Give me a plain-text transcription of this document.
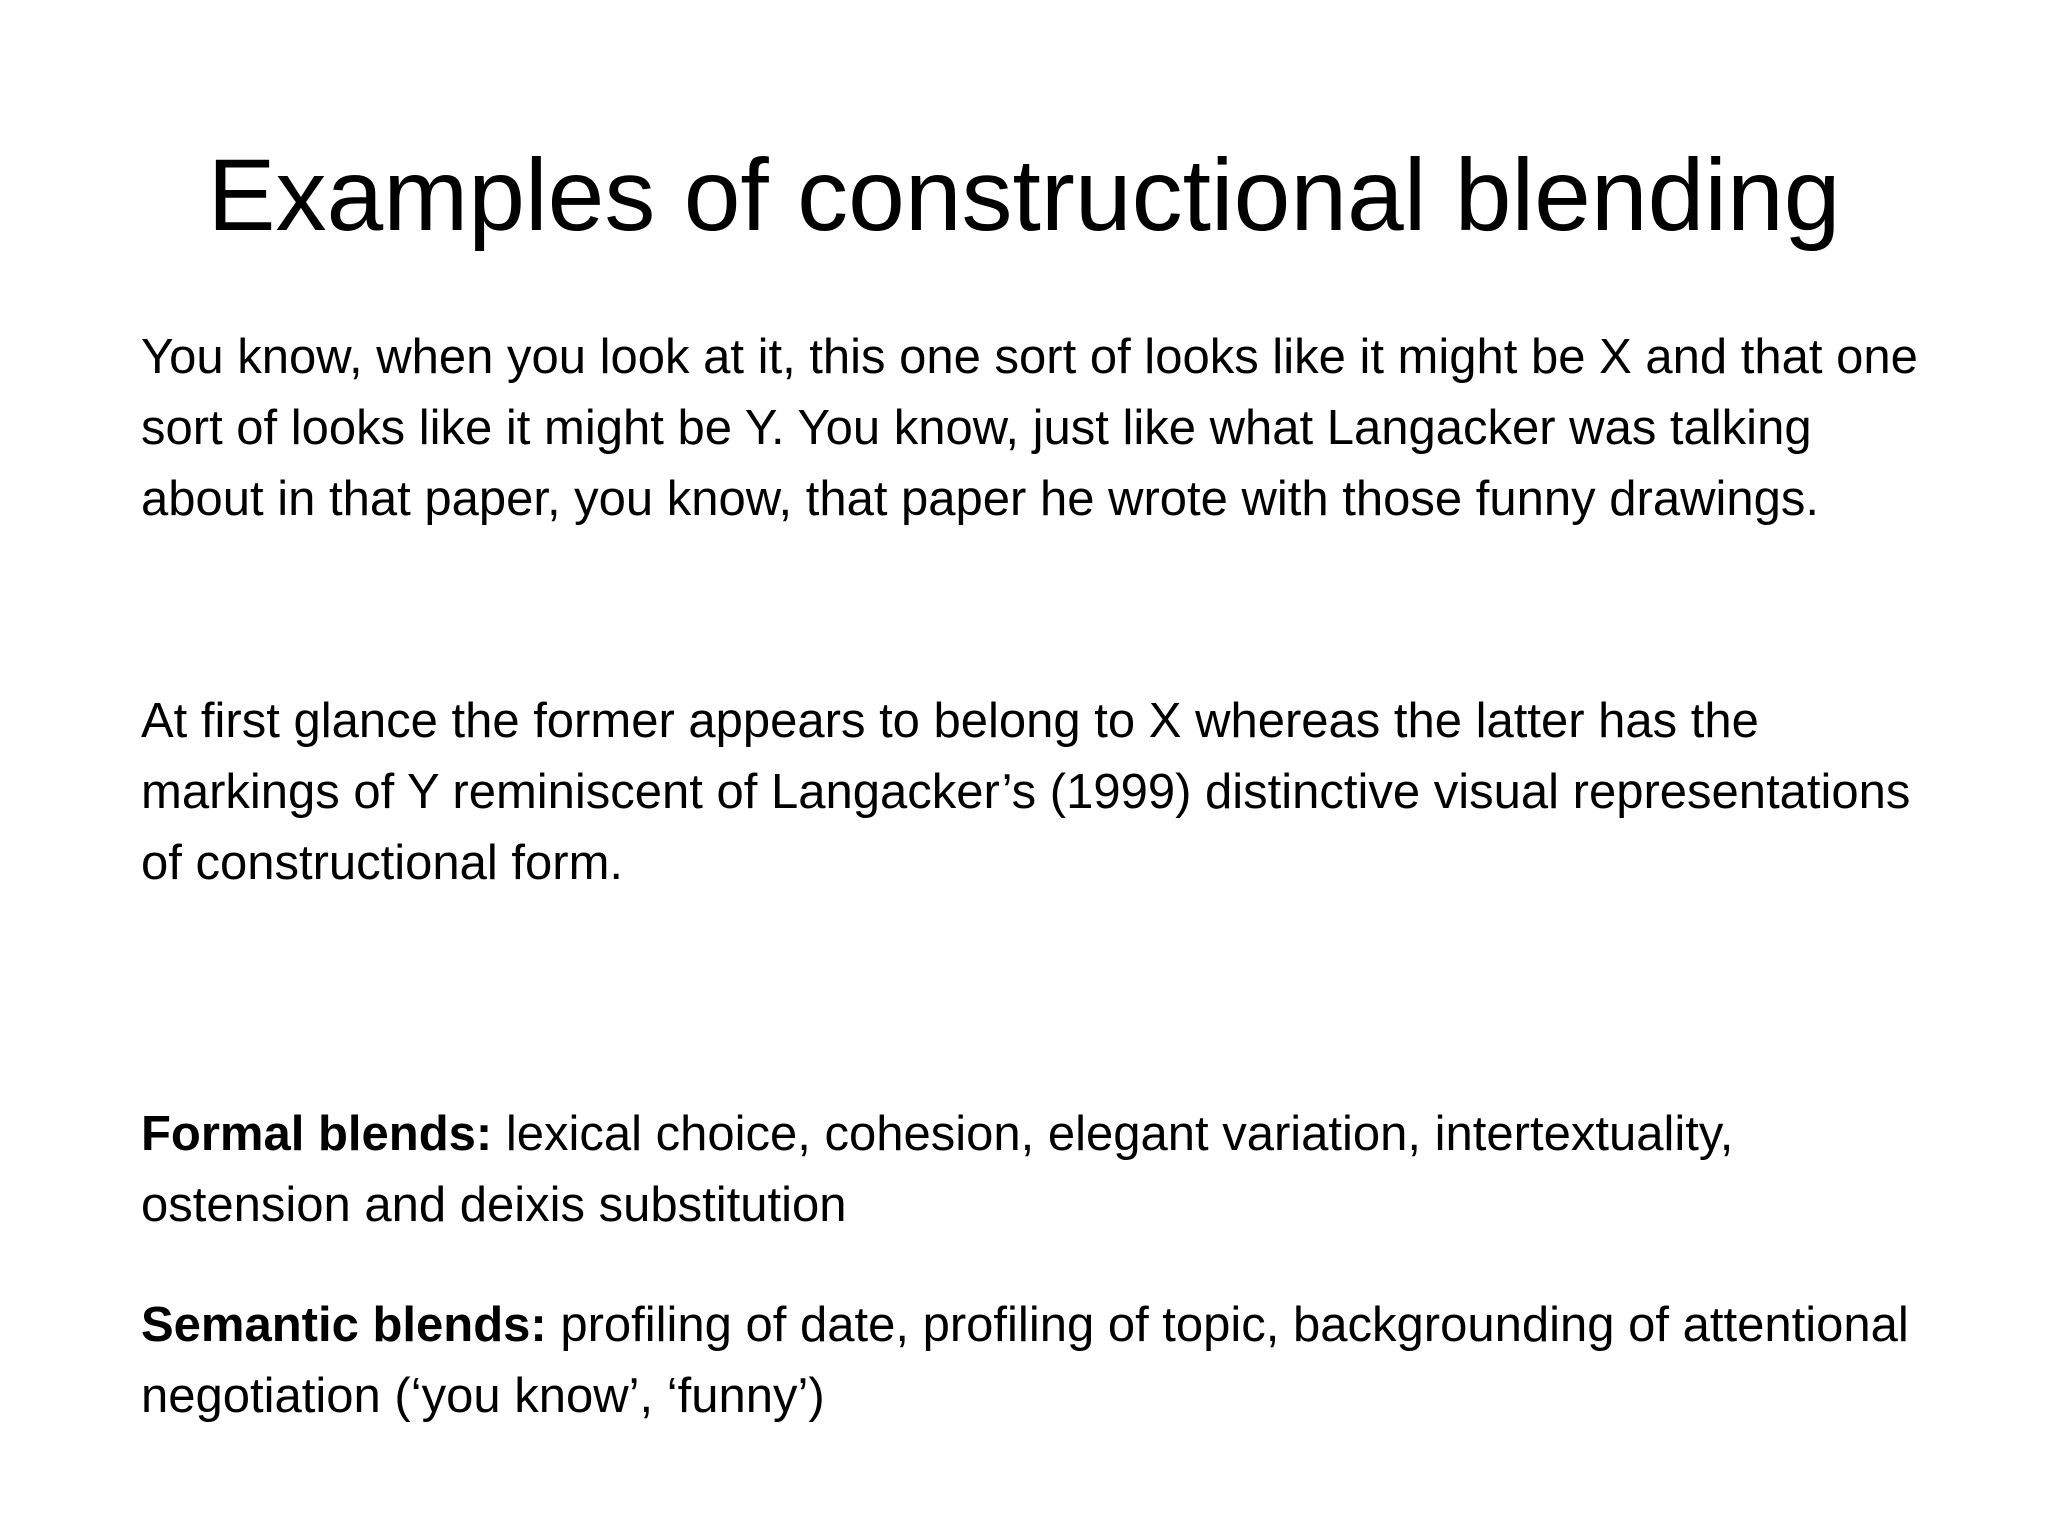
Examples of constructional blending

You know, when you look at it, this one sort of looks like it might be X and that one sort of looks like it might be Y. You know, just like what Langacker was talking about in that paper, you know, that paper he wrote with those funny drawings.

At first glance the former appears to belong to X whereas the latter has the markings of Y reminiscent of Langacker’s (1999) distinctive visual representations of constructional form.

Formal blends: lexical choice, cohesion, elegant variation, intertextuality, ostension and deixis substitution

Semantic blends: profiling of date, profiling of topic, backgrounding of attentional negotiation (‘you know’, ‘funny’)
